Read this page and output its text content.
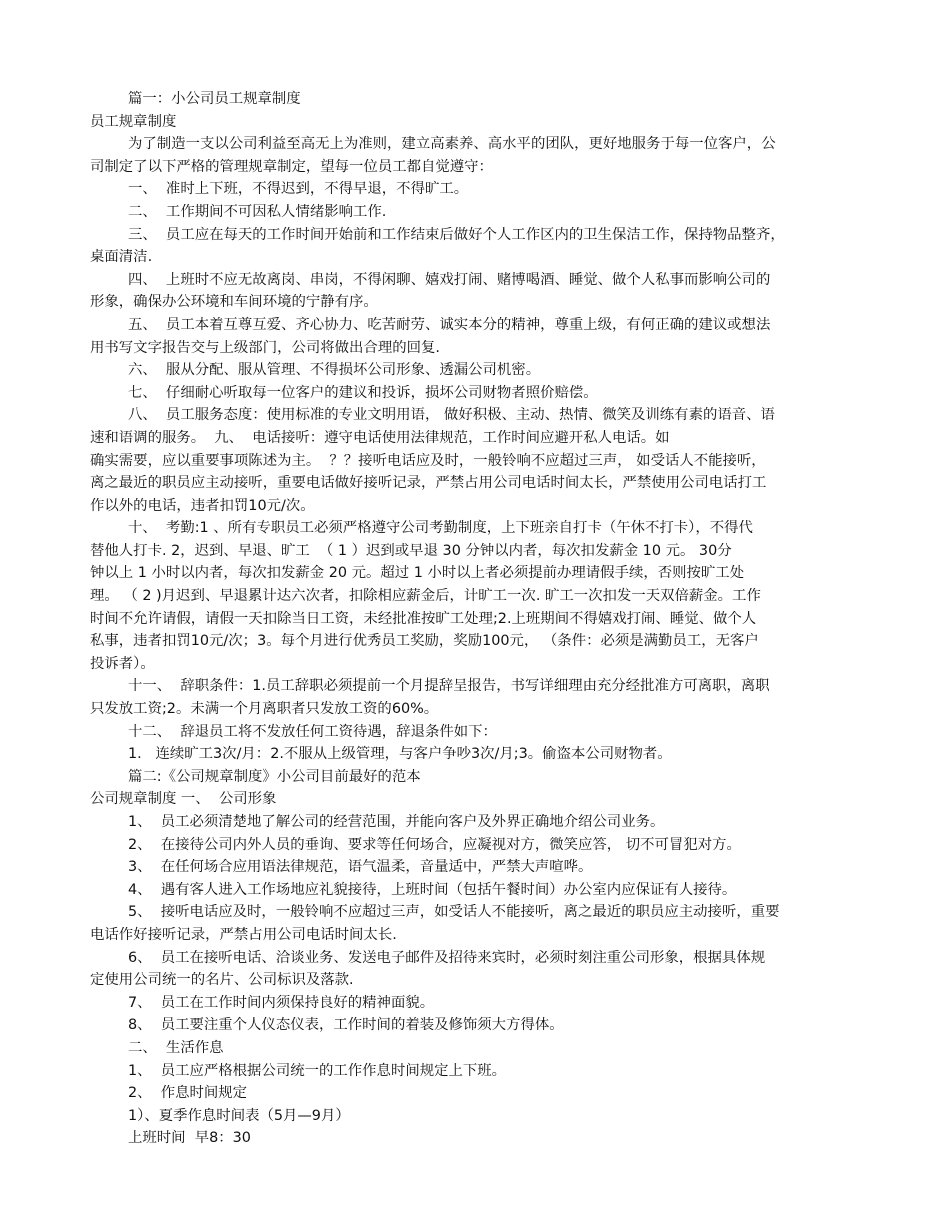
篇一：小公司员工规章制度
员工规章制度
为了制造一支以公司利益至高无上为准则，建立高素养、高水平的团队，更好地服务于每一位客户，公
司制定了以下严格的管理规章制定，望每一位员工都自觉遵守：
一、  准时上下班，不得迟到，不得早退，不得旷工。
二、  工作期间不可因私人情绪影响工作.
三、  员工应在每天的工作时间开始前和工作结束后做好个人工作区内的卫生保洁工作，保持物品整齐，
桌面清洁.
四、  上班时不应无故离岗、串岗，不得闲聊、嬉戏打闹、赌博喝酒、睡觉、做个人私事而影响公司的
形象，确保办公环境和车间环境的宁静有序。
五、  员工本着互尊互爱、齐心协力、吃苦耐劳、诚实本分的精神，尊重上级，有何正确的建议或想法
用书写文字报告交与上级部门，公司将做出合理的回复.
六、  服从分配、服从管理、不得损坏公司形象、透漏公司机密。
七、  仔细耐心听取每一位客户的建议和投诉，损坏公司财物者照价赔偿。
八、  员工服务态度：使用标准的专业文明用语， 做好积极、主动、热情、微笑及训练有素的语音、语
速和语调的服务。  九、  电话接听：遵守电话使用法律规范，工作时间应避开私人电话。如
确实需要，应以重要事项陈述为主。  ？？接听电话应及时，一般铃响不应超过三声， 如受话人不能接听，
离之最近的职员应主动接听，重要电话做好接听记录，严禁占用公司电话时间太长，严禁使用公司电话打工
作以外的电话，违者扣罚10元/次。
十、  考勤:1 、所有专职员工必须严格遵守公司考勤制度，上下班亲自打卡（午休不打卡），不得代
替他人打卡. 2，迟到、早退、旷工  （ 1 ）迟到或早退 30 分钟以内者，每次扣发薪金 10 元。 30分
钟以上 1 小时以内者，每次扣发薪金 20 元。超过 1 小时以上者必须提前办理请假手续，否则按旷工处
理。 （ 2 )月迟到、早退累计达六次者，扣除相应薪金后，计旷工一次. 旷工一次扣发一天双倍薪金。工作
时间不允许请假，请假一天扣除当日工资，未经批准按旷工处理;2.上班期间不得嬉戏打闹、睡觉、做个人
私事，违者扣罚10元/次；3。每个月进行优秀员工奖励，奖励100元， （条件：必须是满勤员工，无客户
投诉者）。
十一、  辞职条件：1.员工辞职必须提前一个月提辞呈报告，书写详细理由充分经批准方可离职，离职
只发放工资;2。未满一个月离职者只发放工资的60%。
十二、  辞退员工将不发放任何工资待遇，辞退条件如下：
1.   连续旷工3次/月：2.不服从上级管理，与客户争吵3次/月;3。偷盗本公司财物者。
篇二:《公司规章制度》小公司目前最好的范本
公司规章制度 一、  公司形象
1、  员工必须清楚地了解公司的经营范围，并能向客户及外界正确地介绍公司业务。
2、  在接待公司内外人员的垂询、要求等任何场合，应凝视对方，微笑应答， 切不可冒犯对方。
3、  在任何场合应用语法律规范，语气温柔，音量适中，严禁大声喧哗。
4、  遇有客人进入工作场地应礼貌接待，上班时间（包括午餐时间）办公室内应保证有人接待。
5、  接听电话应及时，一般铃响不应超过三声，如受话人不能接听，离之最近的职员应主动接听，重要
电话作好接听记录，严禁占用公司电话时间太长.
6、  员工在接听电话、洽谈业务、发送电子邮件及招待来宾时，必须时刻注重公司形象，根据具体规
定使用公司统一的名片、公司标识及落款.
7、  员工在工作时间内须保持良好的精神面貌。
8、  员工要注重个人仪态仪表，工作时间的着装及修饰须大方得体。
二、  生活作息
1、  员工应严格根据公司统一的工作作息时间规定上下班。
2、  作息时间规定
1）、夏季作息时间表（5月—9月）
上班时间  早8：30
